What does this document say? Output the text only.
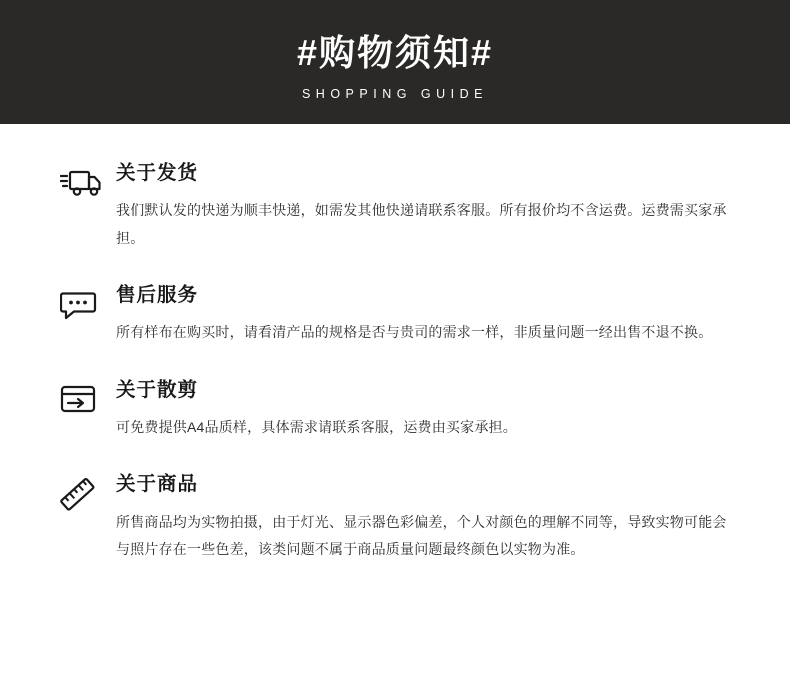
#购物须知#
SHOPPING GUIDE
关于发货

我们默认发的快递为顺丰快递，如需发其他快递请联系客服。所有报价均不含运费。运费需买家承担。

售后服务

所有样布在购买时，请看清产品的规格是否与贵司的需求一样，非质量问题一经出售不退不换。

关于散剪

可免费提供A4品质样，具体需求请联系客服，运费由买家承担。

关于商品

所售商品均为实物拍摄，由于灯光、显示器色彩偏差，个人对颜色的理解不同等，导致实物可能会与照片存在一些色差，该类问题不属于商品质量问题最终颜色以实物为准。
